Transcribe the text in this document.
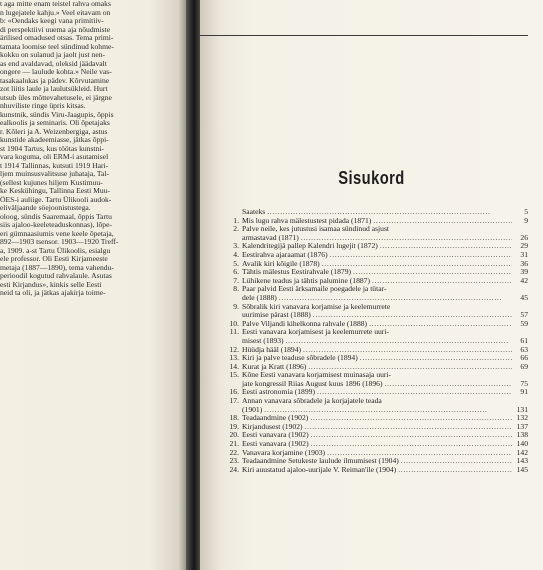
t aga mitte enam teistel rahva omaks

n lugejatele kahju.» Veel eitavam on

b: «Oendaks keegi vana primitiiv-

di perspektiivi uuema aja nõudmiste

ärilised omadused otsas. Tema primi-

tamata loomise teel sündinud kohme-

kokku on sulanud ja jaolt just nen-

as end avaldavad, oleksid jäädavalt

ongere — laulude kohta.» Neile vas-

tasakaalukas ja pädev. Kõrvutamine

zot liitis laule ja laulutsükleid. Hurt

utsub üles mõttevahetusele, ei järgne

nhuviliste ringe üpris kitsas.

kunstnik, sündis Viru-Jaagupis, õppis

ealkoolis ja seminaris. Oli õpetajaks

r. Kõleri ja A. Weizenbergiga, astus

kunstide akadeemiasse, jätkas õppi-

st 1904 Tartus, kus töötas kunstni-

vara koguma, oli ERM-i asutamisel

t 1914 Tallinnas, kutsuti 1919 Hari-

ljem muinsusvalitsuse juhataja, Tal-

(sellest kujunes hiljem Kustimuu-

ke Keskühingu, Tallinna Eesti Muu-

ÕES-i auliige. Tartu Ülikooli audok-

eliväljaande söejoonistustega.

oloog, sündis Saaremaal, õppis Tartu

siis ajaloo-keeleteaduskonnas), lõpe-

eri gümnaasiumis vene keele õpetaja,

892—1903 tsensor. 1903—1920 Treff-

a, 1909. a-st Tartu Ülikoolis, esialgu

ele professor. Oli Eesti Kirjameeste

metaja (1887—1890), tema vahendu-

perioodil kogutud rahvalaule. Asutas

esti Kirjandus», kinkis selle Eesti

neid ta oli, ja jätkas ajakirja toime-

Sisukord
Saateks . . .	5
1. Mis lugu rahva mälestustest pidada (1871) . . .	9
2. Palve neile, kes jutustusi isamaa sündinud asjust
armastavad (1871) . . .	26
3. Kalendritegijä pallep Kalendri lugejit (1872) . . .	29
4. Eestirahva ajaraamat (1876) . . .	31
5. Avalik kiri kõigile (1878) . . .	36
6. Tähtis mälestus Eestirahvale (1879) . . .	39
7. Lühikene teadus ja tähtis palumine (1887) . . .	42
8. Paar palvid Eesti ärksamaile poegadele ja tütar-
dele (1888) . . .	45
9. Sõbralik kiri vanavara korjamise ja keelemurrete
uurimise pärast (1888) . . .	57
10. Palve Viljandi kihelkonna rahvale (1888) . . .	59
11. Eesti vanavara korjamisest ja keelemurrete uuri-
misest (1893) . . .	61
12. Hüüdja hääl (1894) . . .	63
13. Kiri ja palve teaduse sõbradele (1894) . . .	66
14. Kurat ja Kratt (1896) . . .	69
15. Kõne Eesti vanavara korjamisest muinasaja uuri-
jate kongressil Riias August kuus 1896 (1896) . . .	75
16. Eesti astronomia (1899) . . .	91
17. Annan vanavara sõbradele ja korjajatele teada
(1901) . . .	131
18. Teadaandmine (1902) . . .	132
19. Kirjandusest (1902) . . .	137
20. Eesti vanavara (1902) . . .	138
21. Eesti vanavara (1902) . . .	140
22. Vanavara korjamine (1903) . . .	142
23. Teadaandmine Setukeste laulude ilmumisest (1904) . . .	143
24. Kiri auustatud ajaloo-uurijale V. Reiman'ile (1904) . . .	145
